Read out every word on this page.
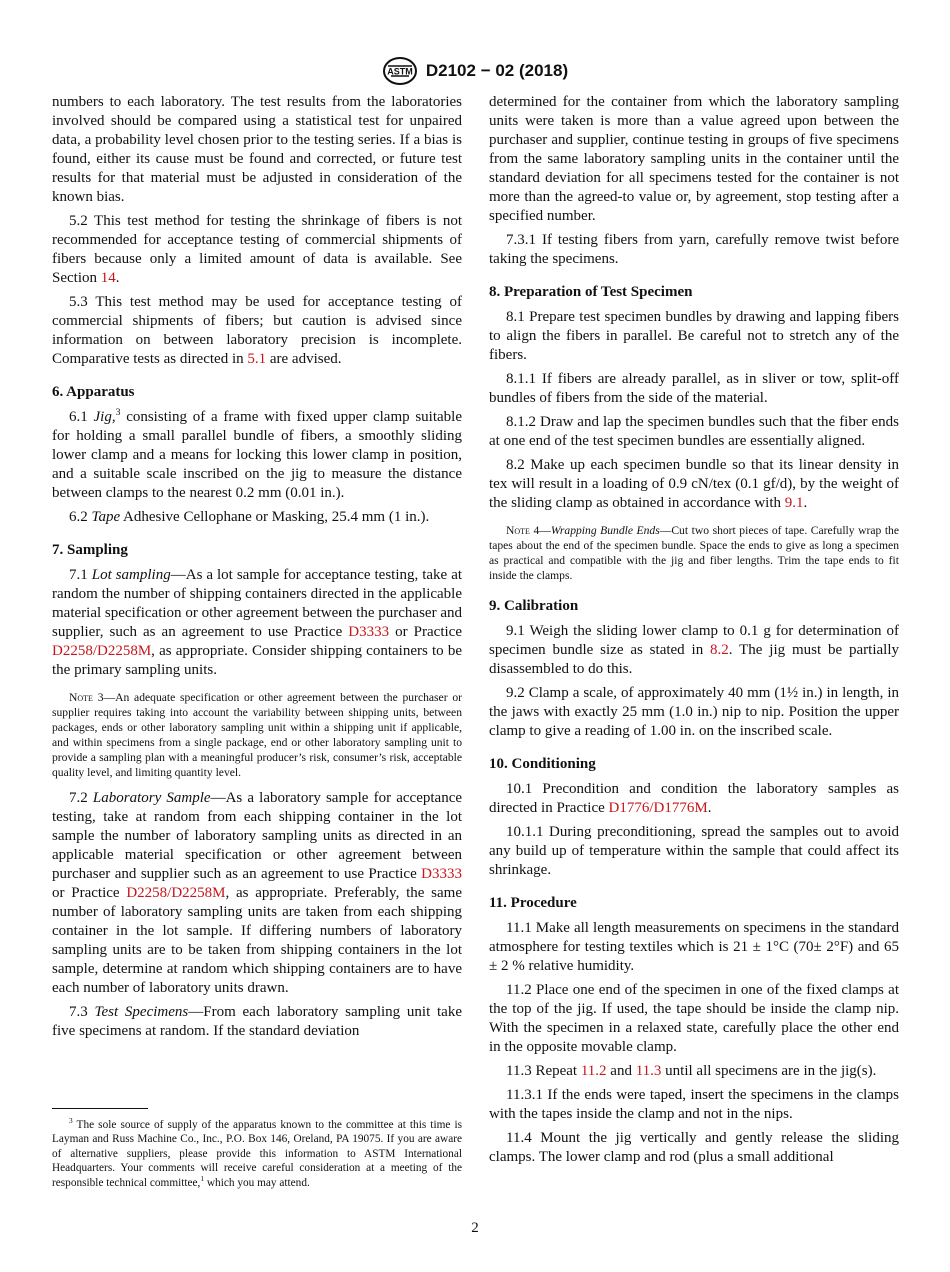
ASTM D2102 − 02 (2018)

numbers to each laboratory. The test results from the laboratories involved should be compared using a statistical test for unpaired data, a probability level chosen prior to the testing series. If a bias is found, either its cause must be found and corrected, or future test results for that material must be adjusted in consideration of the known bias.

5.2 This test method for testing the shrinkage of fibers is not recommended for acceptance testing of commercial shipments of fibers because only a limited amount of data is available. See Section 14.

5.3 This test method may be used for acceptance testing of commercial shipments of fibers; but caution is advised since information on between laboratory precision is incomplete. Comparative tests as directed in 5.1 are advised.

6. Apparatus

6.1 Jig,$^3$ consisting of a frame with fixed upper clamp suitable for holding a small parallel bundle of fibers, a smoothly sliding lower clamp and a means for locking this lower clamp in position, and a suitable scale inscribed on the jig to measure the distance between clamps to the nearest 0.2 mm (0.01 in.).

6.2 Tape Adhesive Cellophane or Masking, 25.4 mm (1 in.).

7. Sampling

7.1 Lot sampling—As a lot sample for acceptance testing, take at random the number of shipping containers directed in the applicable material specification or other agreement between the purchaser and supplier, such as an agreement to use Practice D3333 or Practice D2258/D2258M, as appropriate. Consider shipping containers to be the primary sampling units.

Note 3—An adequate specification or other agreement between the purchaser or supplier requires taking into account the variability between shipping units, between packages, ends or other laboratory sampling unit within a shipping unit if applicable, and within specimens from a single package, end or other laboratory sampling unit to provide a sampling plan with a meaningful producer’s risk, consumer’s risk, acceptable quality level, and limiting quantity level.

7.2 Laboratory Sample—As a laboratory sample for acceptance testing, take at random from each shipping container in the lot sample the number of laboratory sampling units as directed in an applicable material specification or other agreement between purchaser and supplier such as an agreement to use Practice D3333 or Practice D2258/D2258M, as appropriate. Preferably, the same number of laboratory sampling units are taken from each shipping container in the lot sample. If differing numbers of laboratory sampling units are to be taken from shipping containers in the lot sample, determine at random which shipping containers are to have each number of laboratory units drawn.

7.3 Test Specimens—From each laboratory sampling unit take five specimens at random. If the standard deviation

determined for the container from which the laboratory sampling units were taken is more than a value agreed upon between the purchaser and supplier, continue testing in groups of five specimens from the same laboratory sampling units in the container until the standard deviation for all specimens tested for the container is not more than the agreed-to value or, by agreement, stop testing after a specified number.

7.3.1 If testing fibers from yarn, carefully remove twist before taking the specimens.

8. Preparation of Test Specimen

8.1 Prepare test specimen bundles by drawing and lapping fibers to align the fibers in parallel. Be careful not to stretch any of the fibers.

8.1.1 If fibers are already parallel, as in sliver or tow, split-off bundles of fibers from the side of the material.

8.1.2 Draw and lap the specimen bundles such that the fiber ends at one end of the test specimen bundles are essentially aligned.

8.2 Make up each specimen bundle so that its linear density in tex will result in a loading of 0.9 cN/tex (0.1 gf/d), by the weight of the sliding clamp as obtained in accordance with 9.1.

Note 4—Wrapping Bundle Ends—Cut two short pieces of tape. Carefully wrap the tapes about the end of the specimen bundle. Space the ends to give as long a specimen as practical and compatible with the jig and fiber lengths. Trim the tape ends to fit inside the clamps.

9. Calibration

9.1 Weigh the sliding lower clamp to 0.1 g for determination of specimen bundle size as stated in 8.2. The jig must be partially disassembled to do this.

9.2 Clamp a scale, of approximately 40 mm (1½ in.) in length, in the jaws with exactly 25 mm (1.0 in.) nip to nip. Position the upper clamp to give a reading of 1.00 in. on the inscribed scale.

10. Conditioning

10.1 Precondition and condition the laboratory samples as directed in Practice D1776/D1776M.

10.1.1 During preconditioning, spread the samples out to avoid any build up of temperature within the sample that could affect its shrinkage.

11. Procedure

11.1 Make all length measurements on specimens in the standard atmosphere for testing textiles which is 21 ± 1°C (70± 2°F) and 65 ± 2 % relative humidity.

11.2 Place one end of the specimen in one of the fixed clamps at the top of the jig. If used, the tape should be inside the clamp nip. With the specimen in a relaxed state, carefully place the other end in the opposite movable clamp.

11.3 Repeat 11.2 and 11.3 until all specimens are in the jig(s).

11.3.1 If the ends were taped, insert the specimens in the clamps with the tapes inside the clamp and not in the nips.

11.4 Mount the jig vertically and gently release the sliding clamps. The lower clamp and rod (plus a small additional

$^3$ The sole source of supply of the apparatus known to the committee at this time is Layman and Russ Machine Co., Inc., P.O. Box 146, Oreland, PA 19075. If you are aware of alternative suppliers, please provide this information to ASTM International Headquarters. Your comments will receive careful consideration at a meeting of the responsible technical committee,$^1$ which you may attend.
2
